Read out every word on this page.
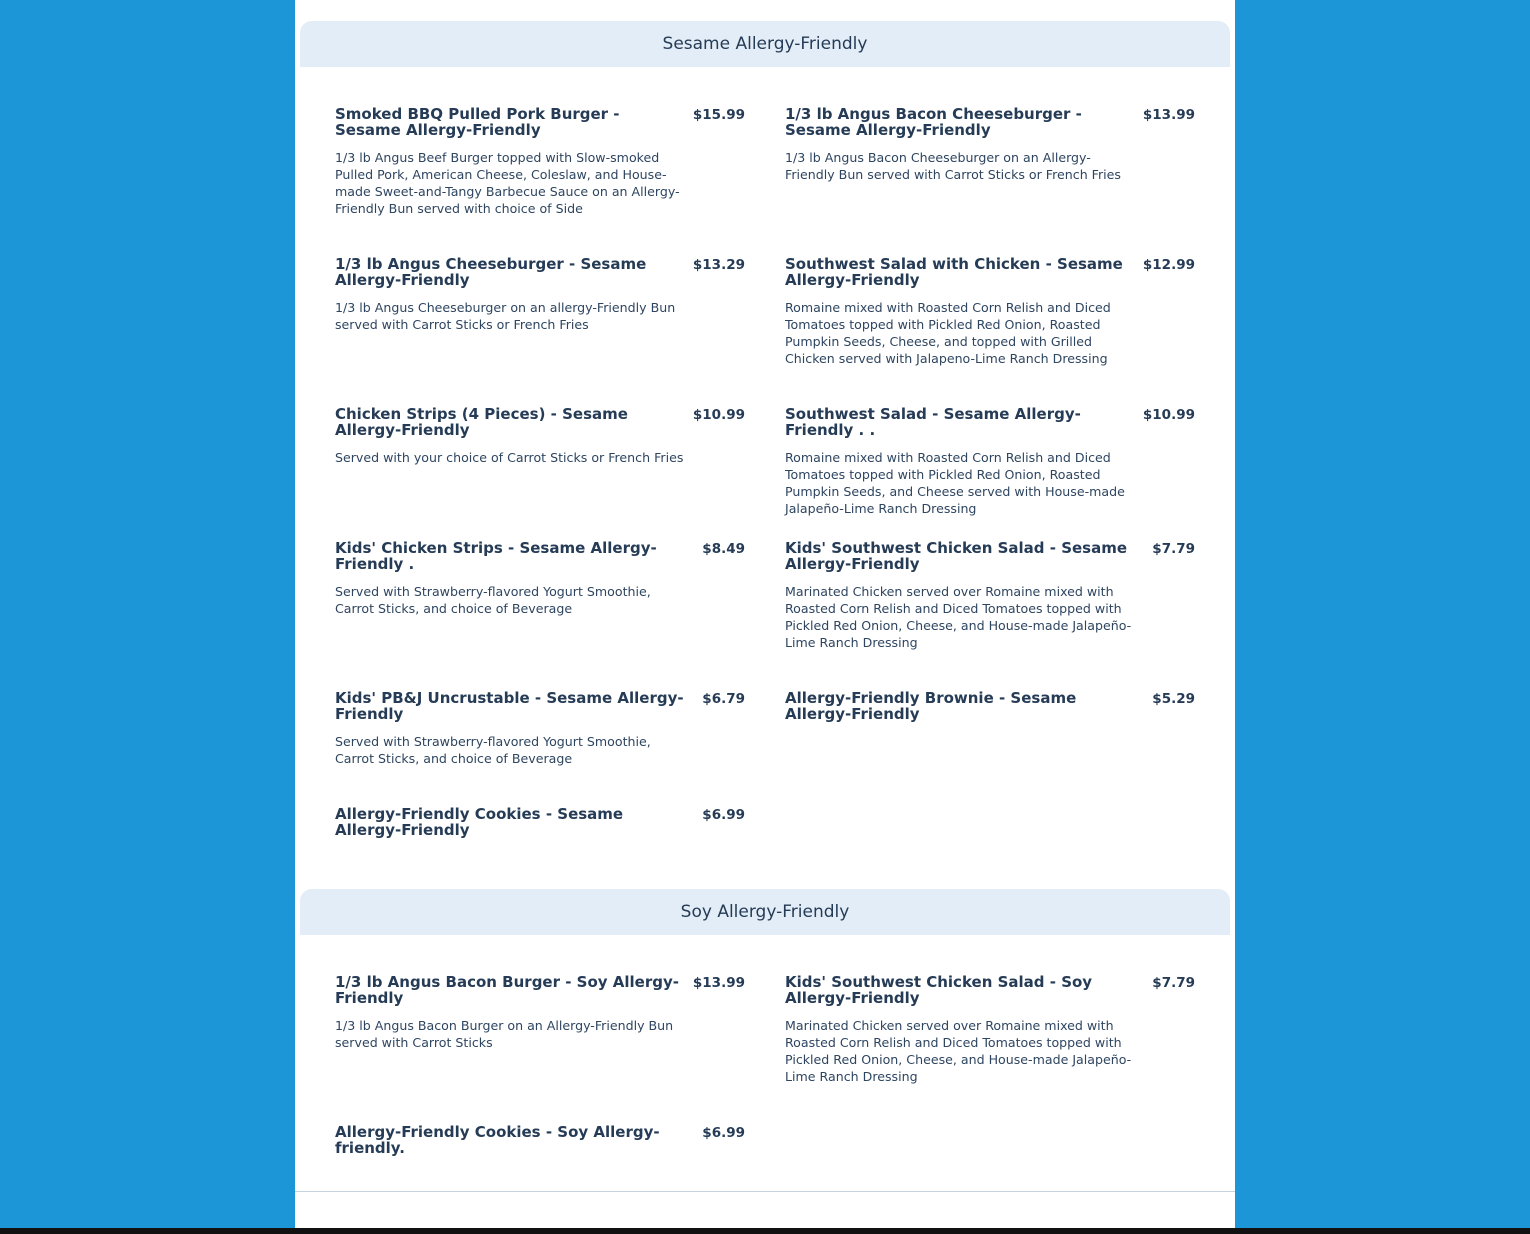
Sesame Allergy-Friendly
Smoked BBQ Pulled Pork Burger - Sesame Allergy-Friendly
$15.99
1/3 lb Angus Beef Burger topped with Slow-smoked Pulled Pork, American Cheese, Coleslaw, and House-made Sweet-and-Tangy Barbecue Sauce on an Allergy-Friendly Bun served with choice of Side
1/3 lb Angus Bacon Cheeseburger - Sesame Allergy-Friendly
$13.99
1/3 lb Angus Bacon Cheeseburger on an Allergy-Friendly Bun served with Carrot Sticks or French Fries
1/3 lb Angus Cheeseburger - Sesame Allergy-Friendly
$13.29
1/3 lb Angus Cheeseburger on an allergy-Friendly Bun served with Carrot Sticks or French Fries
Southwest Salad with Chicken - Sesame Allergy-Friendly
$12.99
Romaine mixed with Roasted Corn Relish and Diced Tomatoes topped with Pickled Red Onion, Roasted Pumpkin Seeds, Cheese, and topped with Grilled Chicken served with Jalapeno-Lime Ranch Dressing
Chicken Strips (4 Pieces) - Sesame Allergy-Friendly
$10.99
Served with your choice of Carrot Sticks or French Fries
Southwest Salad - Sesame Allergy-Friendly . .
$10.99
Romaine mixed with Roasted Corn Relish and Diced Tomatoes topped with Pickled Red Onion, Roasted Pumpkin Seeds, and Cheese served with House-made Jalapeño-Lime Ranch Dressing
Kids' Chicken Strips - Sesame Allergy-Friendly .
$8.49
Served with Strawberry-flavored Yogurt Smoothie, Carrot Sticks, and choice of Beverage
Kids' Southwest Chicken Salad - Sesame Allergy-Friendly
$7.79
Marinated Chicken served over Romaine mixed with Roasted Corn Relish and Diced Tomatoes topped with Pickled Red Onion, Cheese, and House-made Jalapeño-Lime Ranch Dressing
Kids' PB&J Uncrustable - Sesame Allergy-Friendly
$6.79
Served with Strawberry-flavored Yogurt Smoothie, Carrot Sticks, and choice of Beverage
Allergy-Friendly Brownie - Sesame Allergy-Friendly
$5.29
Allergy-Friendly Cookies - Sesame Allergy-Friendly
$6.99
Soy Allergy-Friendly
1/3 lb Angus Bacon Burger - Soy Allergy-Friendly
$13.99
1/3 lb Angus Bacon Burger on an Allergy-Friendly Bun served with Carrot Sticks
Kids' Southwest Chicken Salad - Soy Allergy-Friendly
$7.79
Marinated Chicken served over Romaine mixed with Roasted Corn Relish and Diced Tomatoes topped with Pickled Red Onion, Cheese, and House-made Jalapeño-Lime Ranch Dressing
Allergy-Friendly Cookies - Soy Allergy-friendly.
$6.99
